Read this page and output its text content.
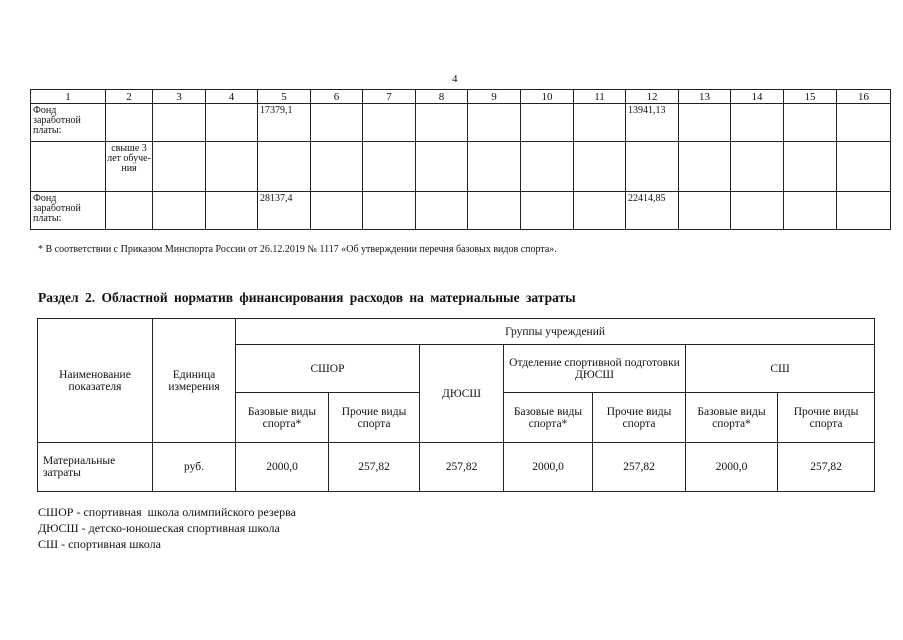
4
1	2	3	4	5	6	7	8	9	10	11	12	13	14	15	16
Фонд заработной платы:				17379,1							13941,13				
	свыше 3 лет обуче-ния														
Фонд заработной платы:				28137,4							22414,85				
* В соответствии с Приказом Минспорта России от 26.12.2019 № 1117 «Об утверждении перечня базовых видов спорта».
Раздел 2. Областной норматив финансирования расходов на материальные затраты
Наименование показателя	Единица измерения	Группы учреждений						
		СШОР		ДЮСШ	Отделение спортивной подготовки ДЮСШ		СШ	
		Базовые виды спорта*	Прочие виды спорта		Базовые виды спорта*	Прочие виды спорта	Базовые виды спорта*	Прочие виды спорта
Материальные затраты	руб.	2000,0	257,82	257,82	2000,0	257,82	2000,0	257,82
СШОР - спортивная  школа олимпийского резерва
ДЮСШ - детско-юношеская спортивная школа
СШ - спортивная школа
